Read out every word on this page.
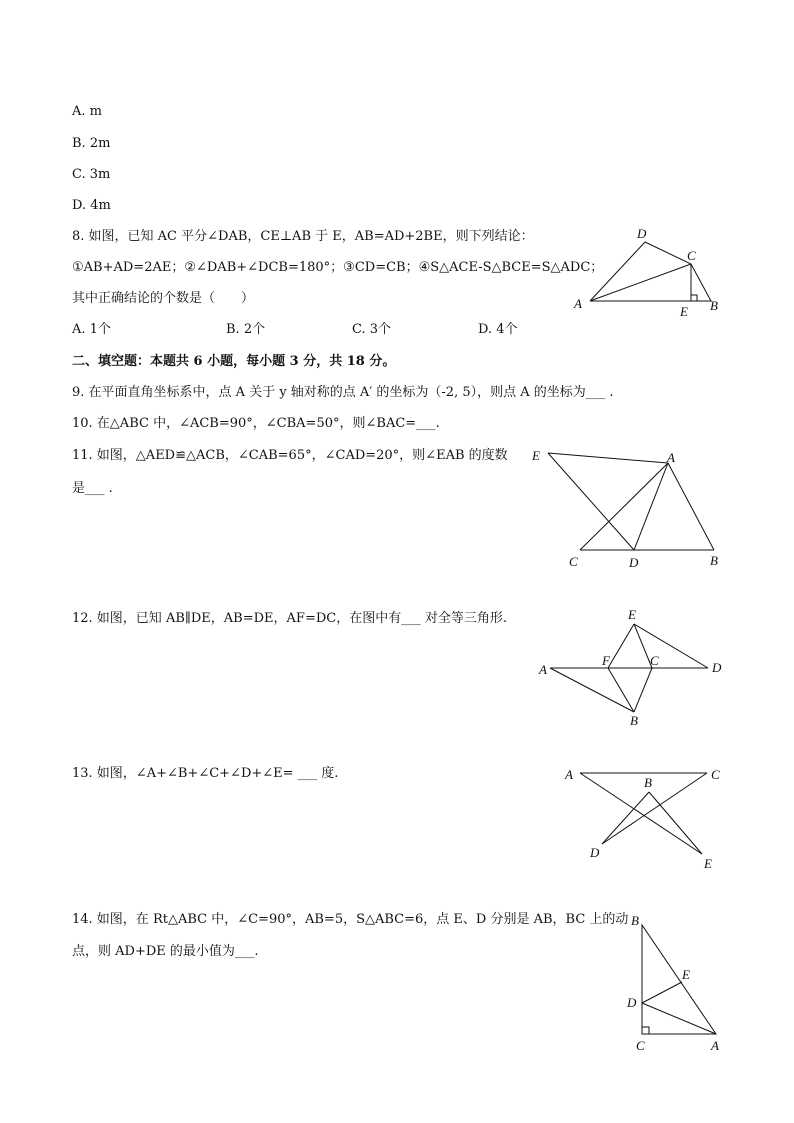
A. m
B. 2m
C. 3m
D. 4m
8. 如图，已知 AC 平分∠DAB，CE⊥AB 于 E，AB=AD+2BE，则下列结论：
①AB+AD=2AE；②∠DAB+∠DCB=180°；③CD=CB；④S△ACE-S△BCE=S△ADC；
其中正确结论的个数是（　　）
A. 1个	B. 2个	C. 3个	D. 4个
D
C
A
E B
二、填空题：本题共 6 小题，每小题 3 分，共 18 分。
9. 在平面直角坐标系中，点 A 关于 y 轴对称的点 A′ 的坐标为（-2, 5），则点 A 的坐标为___ .
10. 在△ABC 中，∠ACB=90°，∠CBA=50°，则∠BAC=___.
11. 如图，△AED≌△ACB，∠CAB=65°，∠CAD=20°，则∠EAB 的度数
是___ .
E	A
C	D	B
12. 如图，已知 AB∥DE，AB=DE，AF=DC，在图中有___ 对全等三角形.	E
F	C
A	D
B
13. 如图，∠A+∠B+∠C+∠D+∠E= ___ 度.	A
B
C
D
E
14. 如图，在 Rt△ABC 中，∠C=90°，AB=5，S△ABC=6，点 E、D 分别是 AB，BC 上的动
点，则 AD+DE 的最小值为___.
B
E
D
C	A
